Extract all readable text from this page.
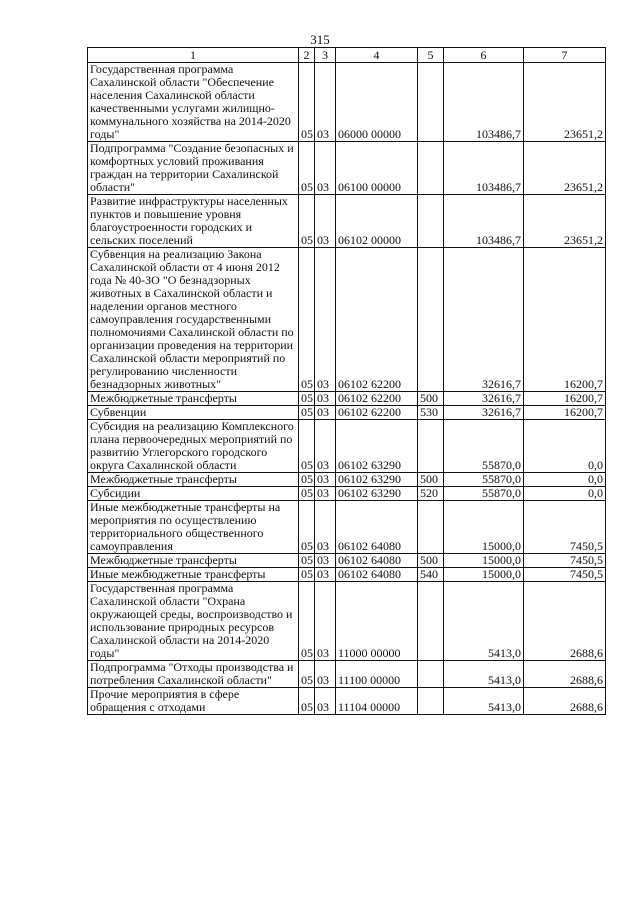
315
1	2	3	4	5	6	7
Государственная программа Сахалинской области "Обеспечение населения Сахалинской области качественными услугами жилищно-коммунального хозяйства на 2014-2020 годы"	05	03	06000 00000		103486,7	23651,2
Подпрограмма "Создание безопасных и комфортных условий проживания граждан на территории Сахалинской области"	05	03	06100 00000		103486,7	23651,2
Развитие инфраструктуры населенных пунктов и повышение уровня благоустроенности городских и сельских поселений	05	03	06102 00000		103486,7	23651,2
Субвенция на реализацию Закона Сахалинской области от 4 июня 2012 года № 40-ЗО "О безнадзорных животных в Сахалинской области и наделении органов местного самоуправления государственными полномочиями Сахалинской области по организации проведения на территории Сахалинской области мероприятий по регулированию численности безнадзорных животных"	05	03	06102 62200		32616,7	16200,7
Межбюджетные трансферты	05	03	06102 62200	500	32616,7	16200,7
Субвенции	05	03	06102 62200	530	32616,7	16200,7
Субсидия на реализацию Комплексного плана первоочередных мероприятий по развитию Углегорского городского округа Сахалинской области	05	03	06102 63290		55870,0	0,0
Межбюджетные трансферты	05	03	06102 63290	500	55870,0	0,0
Субсидии	05	03	06102 63290	520	55870,0	0,0
Иные межбюджетные трансферты на мероприятия по осуществлению территориального общественного самоуправления	05	03	06102 64080		15000,0	7450,5
Межбюджетные трансферты	05	03	06102 64080	500	15000,0	7450,5
Иные межбюджетные трансферты	05	03	06102 64080	540	15000,0	7450,5
Государственная программа Сахалинской области "Охрана окружающей среды, воспроизводство и использование природных ресурсов Сахалинской области на 2014-2020 годы"	05	03	11000 00000		5413,0	2688,6
Подпрограмма "Отходы производства и потребления Сахалинской области"	05	03	11100 00000		5413,0	2688,6
Прочие мероприятия в сфере обращения с отходами	05	03	11104 00000		5413,0	2688,6
